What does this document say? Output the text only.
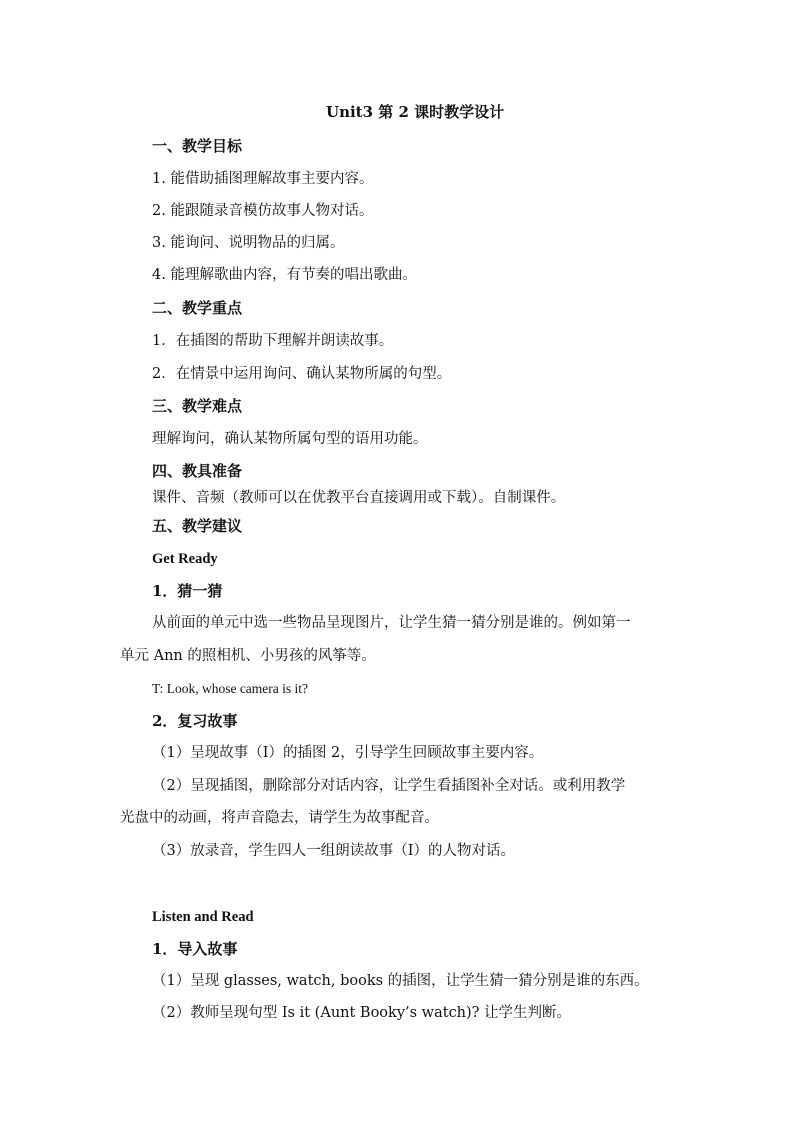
Unit3 第 2 课时教学设计
一、教学目标
1. 能借助插图理解故事主要内容。
2. 能跟随录音模仿故事人物对话。
3. 能询问、说明物品的归属。
4. 能理解歌曲内容，有节奏的唱出歌曲。
二、教学重点
1．在插图的帮助下理解并朗读故事。
2．在情景中运用询问、确认某物所属的句型。
三、教学难点
理解询问，确认某物所属句型的语用功能。
四、教具准备
课件、音频（教师可以在优教平台直接调用或下载）。自制课件。
五、教学建议
Get Ready
1．猜一猜
从前面的单元中选一些物品呈现图片，让学生猜一猜分别是谁的。例如第一
单元 Ann 的照相机、小男孩的风筝等。
T: Look, whose camera is it?
2．复习故事
（1）呈现故事（I）的插图 2，引导学生回顾故事主要内容。
（2）呈现插图，删除部分对话内容，让学生看插图补全对话。或利用教学
光盘中的动画，将声音隐去，请学生为故事配音。
（3）放录音，学生四人一组朗读故事（I）的人物对话。
Listen and Read
1．导入故事
（1）呈现 glasses, watch, books 的插图，让学生猜一猜分别是谁的东西。
（2）教师呈现句型 Is it (Aunt Booky’s watch)? 让学生判断。
